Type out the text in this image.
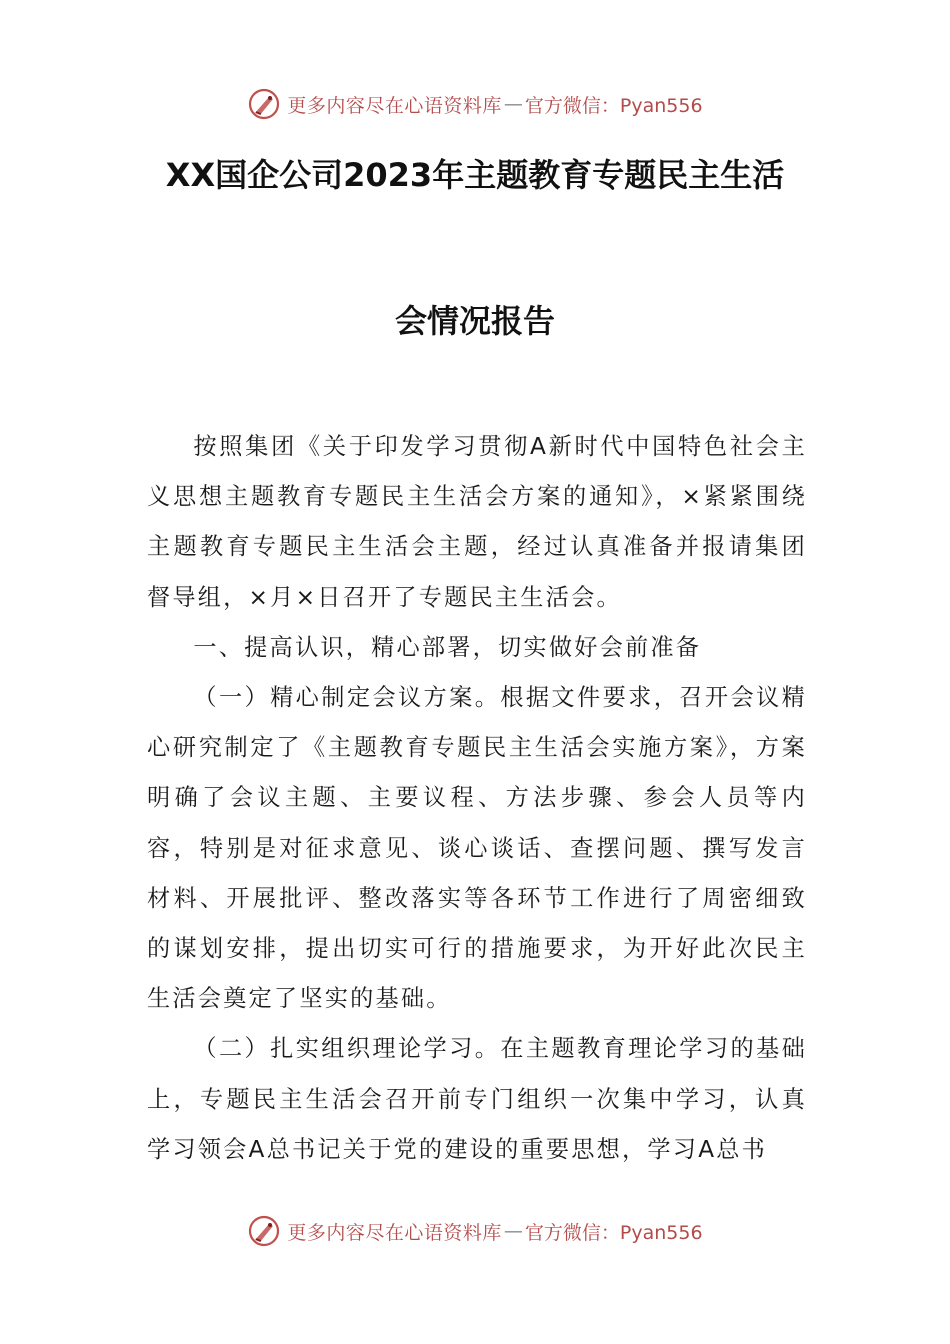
更多内容尽在心语资料库 — 官方微信：Pyan556
XX国企公司2023年主题教育专题民主生活
会情况报告

按照集团《关于印发学习贯彻A新时代中国特色社会主义思想主题教育专题民主生活会方案的通知》，×紧紧围绕主题教育专题民主生活会主题，经过认真准备并报请集团督导组，×月×日召开了专题民主生活会。

一、提高认识，精心部署，切实做好会前准备

（一）精心制定会议方案。根据文件要求，召开会议精心研究制定了《主题教育专题民主生活会实施方案》，方案明确了会议主题、主要议程、方法步骤、参会人员等内容，特别是对征求意见、谈心谈话、查摆问题、撰写发言材料、开展批评、整改落实等各环节工作进行了周密细致的谋划安排，提出切实可行的措施要求，为开好此次民主生活会奠定了坚实的基础。

（二）扎实组织理论学习。在主题教育理论学习的基础上，专题民主生活会召开前专门组织一次集中学习，认真学习领会A总书记关于党的建设的重要思想，学习A总书

更多内容尽在心语资料库 — 官方微信：Pyan556
